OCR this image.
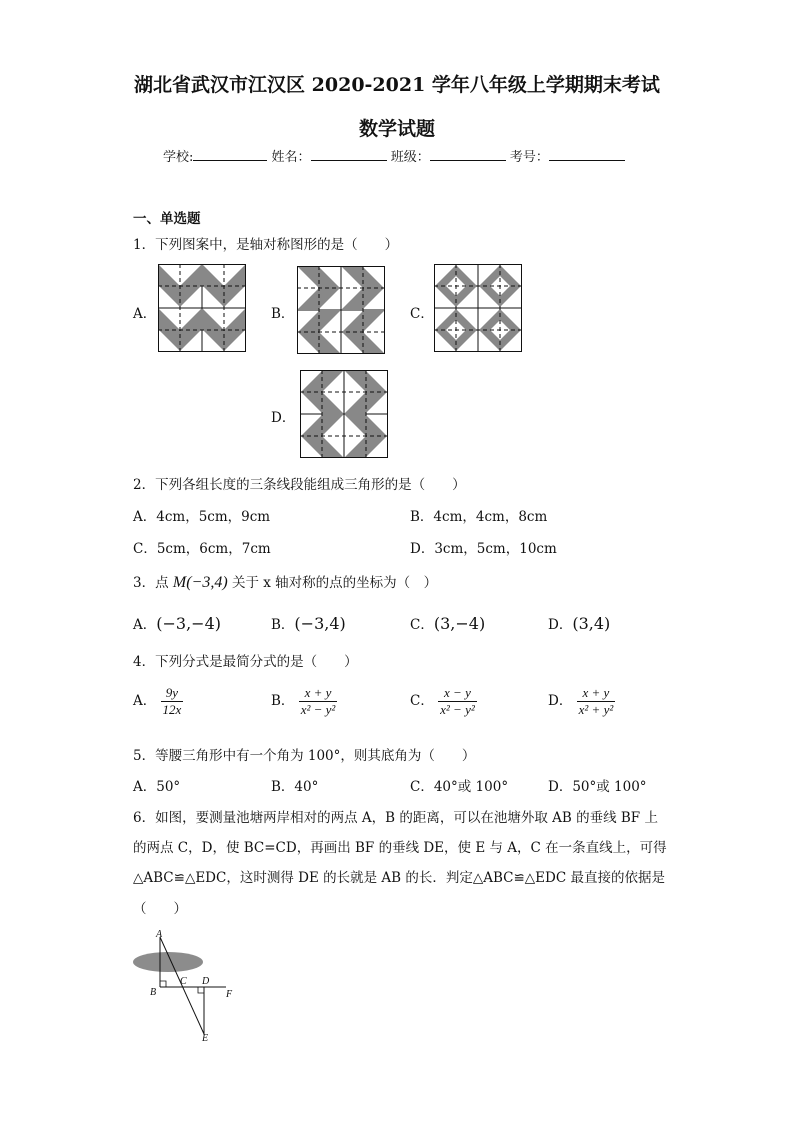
湖北省武汉市江汉区 2020-2021 学年八年级上学期期末考试
数学试题
学校:	姓名：	班级：	考号：
一、单选题
1．下列图案中，是轴对称图形的是（　　）
A．	B．	C．
D．
2．下列各组长度的三条线段能组成三角形的是（　　）
A．4cm，5cm，9cm	B．4cm，4cm，8cm
C．5cm，6cm，7cm	D．3cm，5cm，10cm
3．点 M(−3,4) 关于 x 轴对称的点的坐标为（　）
A．(−3,−4)	B．(−3,4)	C．(3,−4)	D．(3,4)
4．下列分式是最简分式的是（　　）
A． $\frac{9y}{12x}$	B． $\frac{x + y}{\text{x² − y²}}$	C． $\frac{x - y}{\text{x² − y²}}$	D． $\frac{x + y}{\text{x² + y²}}$
5．等腰三角形中有一个角为 100°，则其底角为（　　）
A．50°	B．40°	C．40°或 100°	D．50°或 100°
6．如图，要测量池塘两岸相对的两点 A，B 的距离，可以在池塘外取 AB 的垂线 BF 上
的两点 C，D，使 BC=CD，再画出 BF 的垂线 DE，使 E 与 A，C 在一条直线上，可得
△ABC≌△EDC，这时测得 DE 的长就是 AB 的长．判定△ABC≌△EDC 最直接的依据是
（　　）
A
B
C D
E
F
